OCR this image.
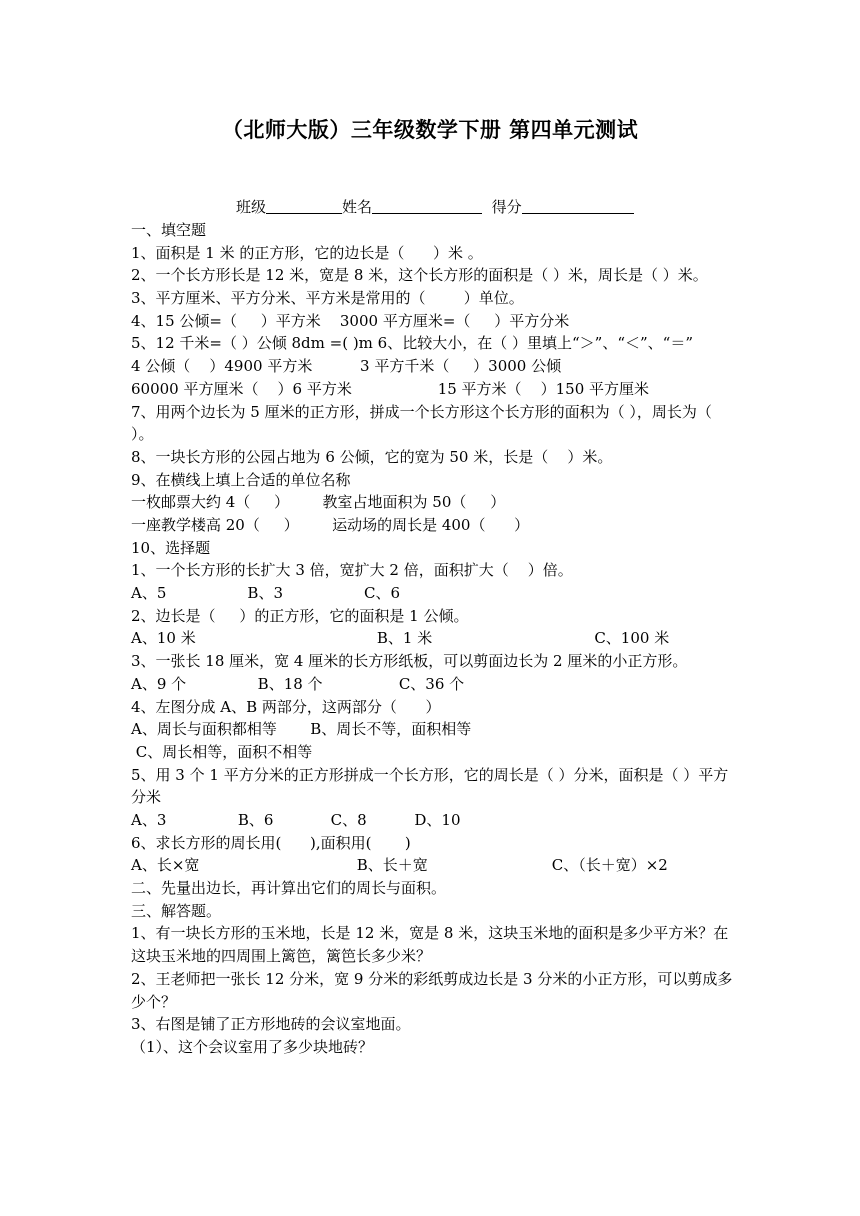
（北师大版）三年级数学下册 第四单元测试
班级	姓名	得分
一、填空题
1、面积是 1 米 的正方形，它的边长是（      ）米 。
2、一个长方形长是 12 米，宽是 8 米，这个长方形的面积是（ ）米，周长是（ ）米。
3、平方厘米、平方分米、平方米是常用的（        ）单位。
4、15 公倾=（     ）平方米    3000 平方厘米=（     ）平方分米
5、12 千米=（ ）公倾 8dm =( )m 6、比较大小，在（ ）里填上“＞”、“＜”、“＝”
4 公倾（    ）4900 平方米          3 平方千米（     ）3000 公倾
60000 平方厘米（    ）6 平方米                  15 平方米（    ）150 平方厘米
7、用两个边长为 5 厘米的正方形，拼成一个长方形这个长方形的面积为（ ），周长为（ ）。
8、一块长方形的公园占地为 6 公倾，它的宽为 50 米，长是（    ）米。
9、在横线上填上合适的单位名称
一枚邮票大约 4（     ）       教室占地面积为 50（     ）
一座教学楼高 20（     ）       运动场的周长是 400（      ）
10、选择题
1、一个长方形的长扩大 3 倍，宽扩大 2 倍，面积扩大（    ）倍。
A、5                 B、3                 C、6
2、边长是（     ）的正方形，它的面积是 1 公倾。
A、10 米                                      B、1 米                                  C、100 米
3、一张长 18 厘米，宽 4 厘米的长方形纸板，可以剪面边长为 2 厘米的小正方形。
A、9 个               B、18 个                C、36 个
4、左图分成 A、B 两部分，这两部分（      ）
A、周长与面积都相等       B、周长不等，面积相等
C、周长相等，面积不相等
5、用 3 个 1 平方分米的正方形拼成一个长方形，它的周长是（ ）分米，面积是（ ）平方分米
A、3               B、6            C、8          D、10
6、求长方形的周长用(      ),面积用(       )
A、长×宽                                 B、长＋宽                          C、（长＋宽）×2
二、先量出边长，再计算出它们的周长与面积。
三、解答题。
1、有一块长方形的玉米地，长是 12 米，宽是 8 米，这块玉米地的面积是多少平方米？在这块玉米地的四周围上篱笆，篱笆长多少米？
2、王老师把一张长 12 分米，宽 9 分米的彩纸剪成边长是 3 分米的小正方形，可以剪成多少个？
3、右图是铺了正方形地砖的会议室地面。
（1）、这个会议室用了多少块地砖？
